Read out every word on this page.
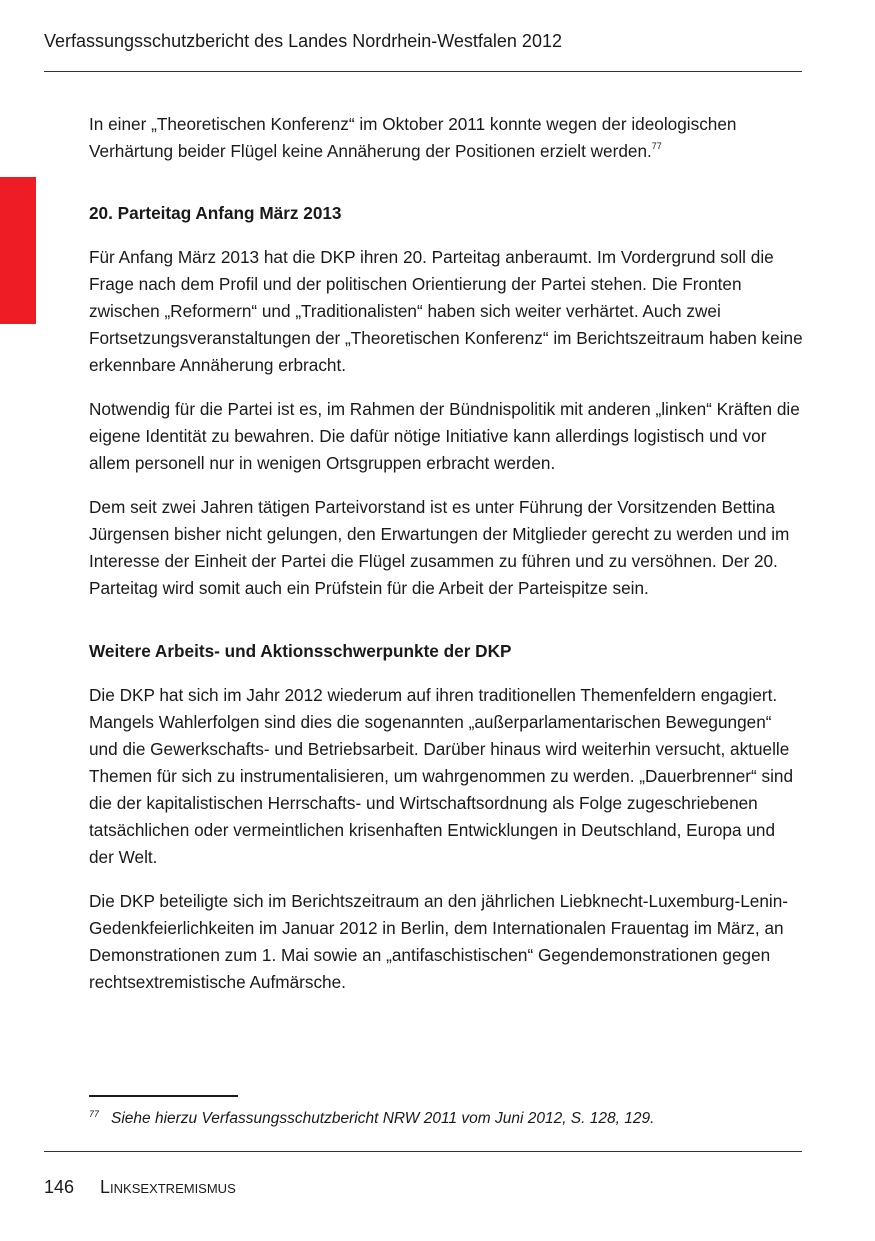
Verfassungsschutzbericht des Landes Nordrhein-Westfalen 2012

In einer „Theoretischen Konferenz“ im Oktober 2011 konnte wegen der ideologischen Verhärtung beider Flügel keine Annäherung der Positionen erzielt werden.$^{77}$

20. Parteitag Anfang März 2013

Für Anfang März 2013 hat die DKP ihren 20. Parteitag anberaumt. Im Vordergrund soll die Frage nach dem Profil und der politischen Orientierung der Partei stehen. Die Fronten zwischen „Reformern“ und „Traditionalisten“ haben sich weiter verhärtet. Auch zwei Fortsetzungsveranstaltungen der „Theoretischen Konferenz“ im Berichtszeitraum haben keine erkennbare Annäherung erbracht.

Notwendig für die Partei ist es, im Rahmen der Bündnispolitik mit anderen „linken“ Kräften die eigene Identität zu bewahren. Die dafür nötige Initiative kann allerdings logistisch und vor allem personell nur in wenigen Ortsgruppen erbracht werden.

Dem seit zwei Jahren tätigen Parteivorstand ist es unter Führung der Vorsitzenden Bettina Jürgensen bisher nicht gelungen, den Erwartungen der Mitglieder gerecht zu werden und im Interesse der Einheit der Partei die Flügel zusammen zu führen und zu versöhnen. Der 20. Parteitag wird somit auch ein Prüfstein für die Arbeit der Parteispitze sein.

Weitere Arbeits- und Aktionsschwerpunkte der DKP

Die DKP hat sich im Jahr 2012 wiederum auf ihren traditionellen Themenfeldern engagiert. Mangels Wahlerfolgen sind dies die sogenannten „außerparlamentarischen Bewegungen“ und die Gewerkschafts- und Betriebsarbeit. Darüber hinaus wird weiterhin versucht, aktuelle Themen für sich zu instrumentalisieren, um wahrgenommen zu werden. „Dauerbrenner“ sind die der kapitalistischen Herrschafts- und Wirtschaftsordnung als Folge zugeschriebenen tatsächlichen oder vermeintlichen krisenhaften Entwicklungen in Deutschland, Europa und der Welt.

Die DKP beteiligte sich im Berichtszeitraum an den jährlichen Liebknecht-Luxemburg-Lenin-Gedenkfeierlichkeiten im Januar 2012 in Berlin, dem Internationalen Frauentag im März, an Demonstrationen zum 1. Mai sowie an „antifaschistischen“ Gegendemonstrationen gegen rechtsextremistische Aufmärsche.

$^{77}$ Siehe hierzu Verfassungsschutzbericht NRW 2011 vom Juni 2012, S. 128, 129.
146 Linksextremismus
